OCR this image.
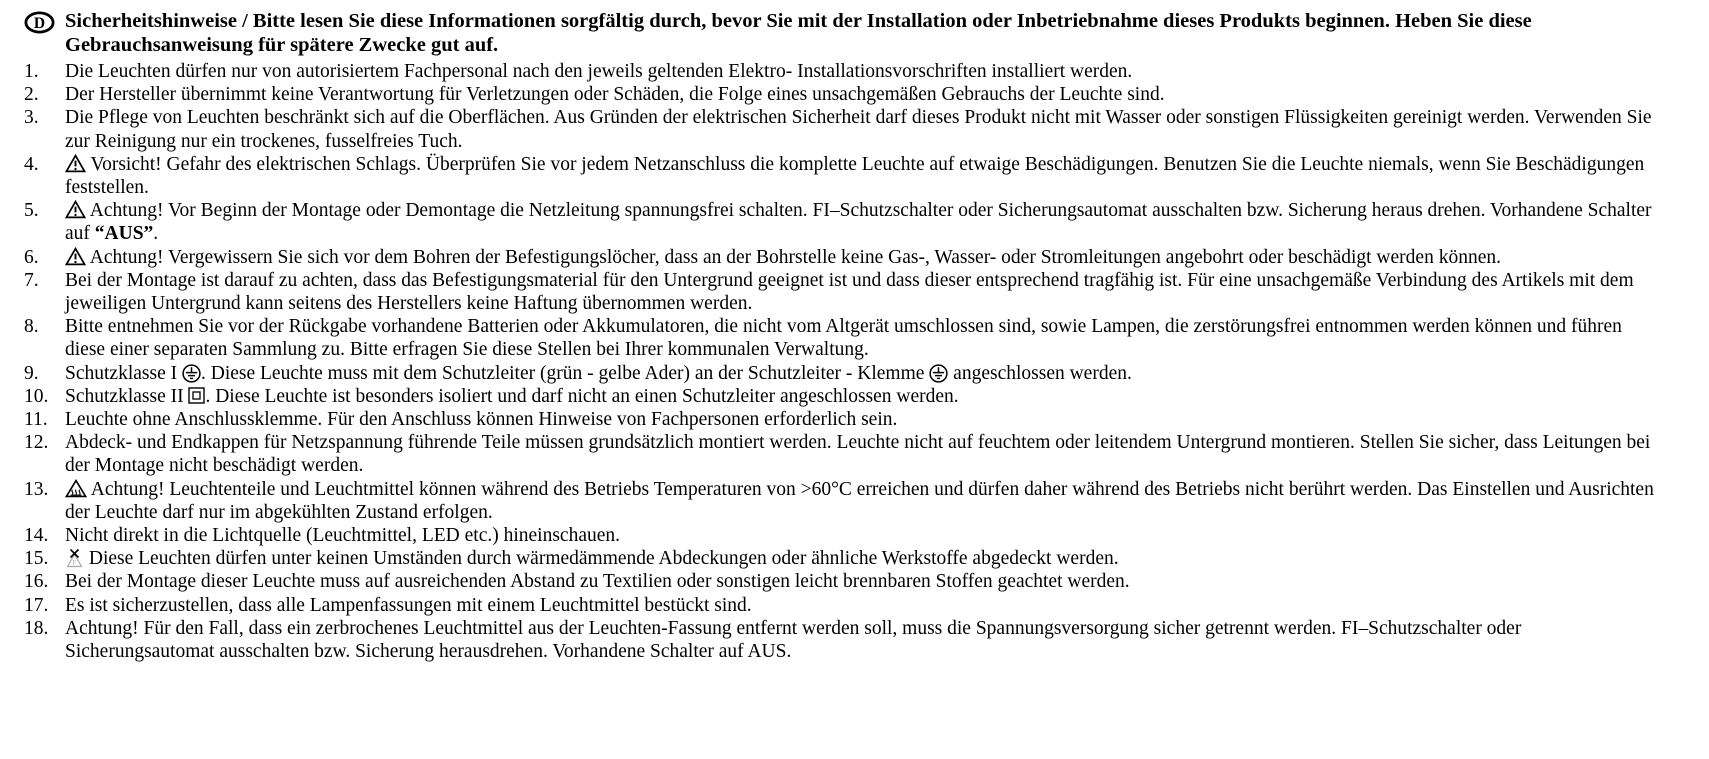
D Sicherheitshinweise / Bitte lesen Sie diese Informationen sorgfältig durch, bevor Sie mit der Installation oder Inbetriebnahme dieses Produkts beginnen. Heben Sie diese Gebrauchsanweisung für spätere Zwecke gut auf.
1.	Die Leuchten dürfen nur von autorisiertem Fachpersonal nach den jeweils geltenden Elektro- Installationsvorschriften installiert werden.
2.	Der Hersteller übernimmt keine Verantwortung für Verletzungen oder Schäden, die Folge eines unsachgemäßen Gebrauchs der Leuchte sind.
3.	Die Pflege von Leuchten beschränkt sich auf die Oberflächen. Aus Gründen der elektrischen Sicherheit darf dieses Produkt nicht mit Wasser oder sonstigen Flüssigkeiten gereinigt werden. Verwenden Sie zur Reinigung nur ein trockenes, fusselfreies Tuch.
4.	Vorsicht! Gefahr des elektrischen Schlags. Überprüfen Sie vor jedem Netzanschluss die komplette Leuchte auf etwaige Beschädigungen. Benutzen Sie die Leuchte niemals, wenn Sie Beschädigungen feststellen.
5.	Achtung! Vor Beginn der Montage oder Demontage die Netzleitung spannungsfrei schalten. FI–Schutzschalter oder Sicherungsautomat ausschalten bzw. Sicherung heraus drehen. Vorhandene Schalter auf “AUS”.
6.	Achtung! Vergewissern Sie sich vor dem Bohren der Befestigungslöcher, dass an der Bohrstelle keine Gas-, Wasser- oder Stromleitungen angebohrt oder beschädigt werden können.
7.	Bei der Montage ist darauf zu achten, dass das Befestigungsmaterial für den Untergrund geeignet ist und dass dieser entsprechend tragfähig ist. Für eine unsachgemäße Verbindung des Artikels mit dem jeweiligen Untergrund kann seitens des Herstellers keine Haftung übernommen werden.
8.	Bitte entnehmen Sie vor der Rückgabe vorhandene Batterien oder Akkumulatoren, die nicht vom Altgerät umschlossen sind, sowie Lampen, die zerstörungsfrei entnommen werden können und führen diese einer separaten Sammlung zu. Bitte erfragen Sie diese Stellen bei Ihrer kommunalen Verwaltung.
9.	Schutzklasse I . Diese Leuchte muss mit dem Schutzleiter (grün - gelbe Ader) an der Schutzleiter - Klemme  angeschlossen werden.
10. Schutzklasse II . Diese Leuchte ist besonders isoliert und darf nicht an einen Schutzleiter angeschlossen werden.
11. Leuchte ohne Anschlussklemme. Für den Anschluss können Hinweise von Fachpersonen erforderlich sein.
12. Abdeck- und Endkappen für Netzspannung führende Teile müssen grundsätzlich montiert werden. Leuchte nicht auf feuchtem oder leitendem Untergrund montieren. Stellen Sie sicher, dass Leitungen bei der Montage nicht beschädigt werden.
13.	Achtung! Leuchtenteile und Leuchtmittel können während des Betriebs Temperaturen von >60°C erreichen und dürfen daher während des Betriebs nicht berührt werden. Das Einstellen und Ausrichten der Leuchte darf nur im abgekühlten Zustand erfolgen.
14. Nicht direkt in die Lichtquelle (Leuchtmittel, LED etc.) hineinschauen.
15.	F Diese Leuchten dürfen unter keinen Umständen durch wärmedämmende Abdeckungen oder ähnliche Werkstoffe abgedeckt werden.
16. Bei der Montage dieser Leuchte muss auf ausreichenden Abstand zu Textilien oder sonstigen leicht brennbaren Stoffen geachtet werden.
17. Es ist sicherzustellen, dass alle Lampenfassungen mit einem Leuchtmittel bestückt sind.
18. Achtung! Für den Fall, dass ein zerbrochenes Leuchtmittel aus der Leuchten-Fassung entfernt werden soll, muss die Spannungsversorgung sicher getrennt werden. FI–Schutzschalter oder Sicherungsautomat ausschalten bzw. Sicherung herausdrehen. Vorhandene Schalter auf AUS.
